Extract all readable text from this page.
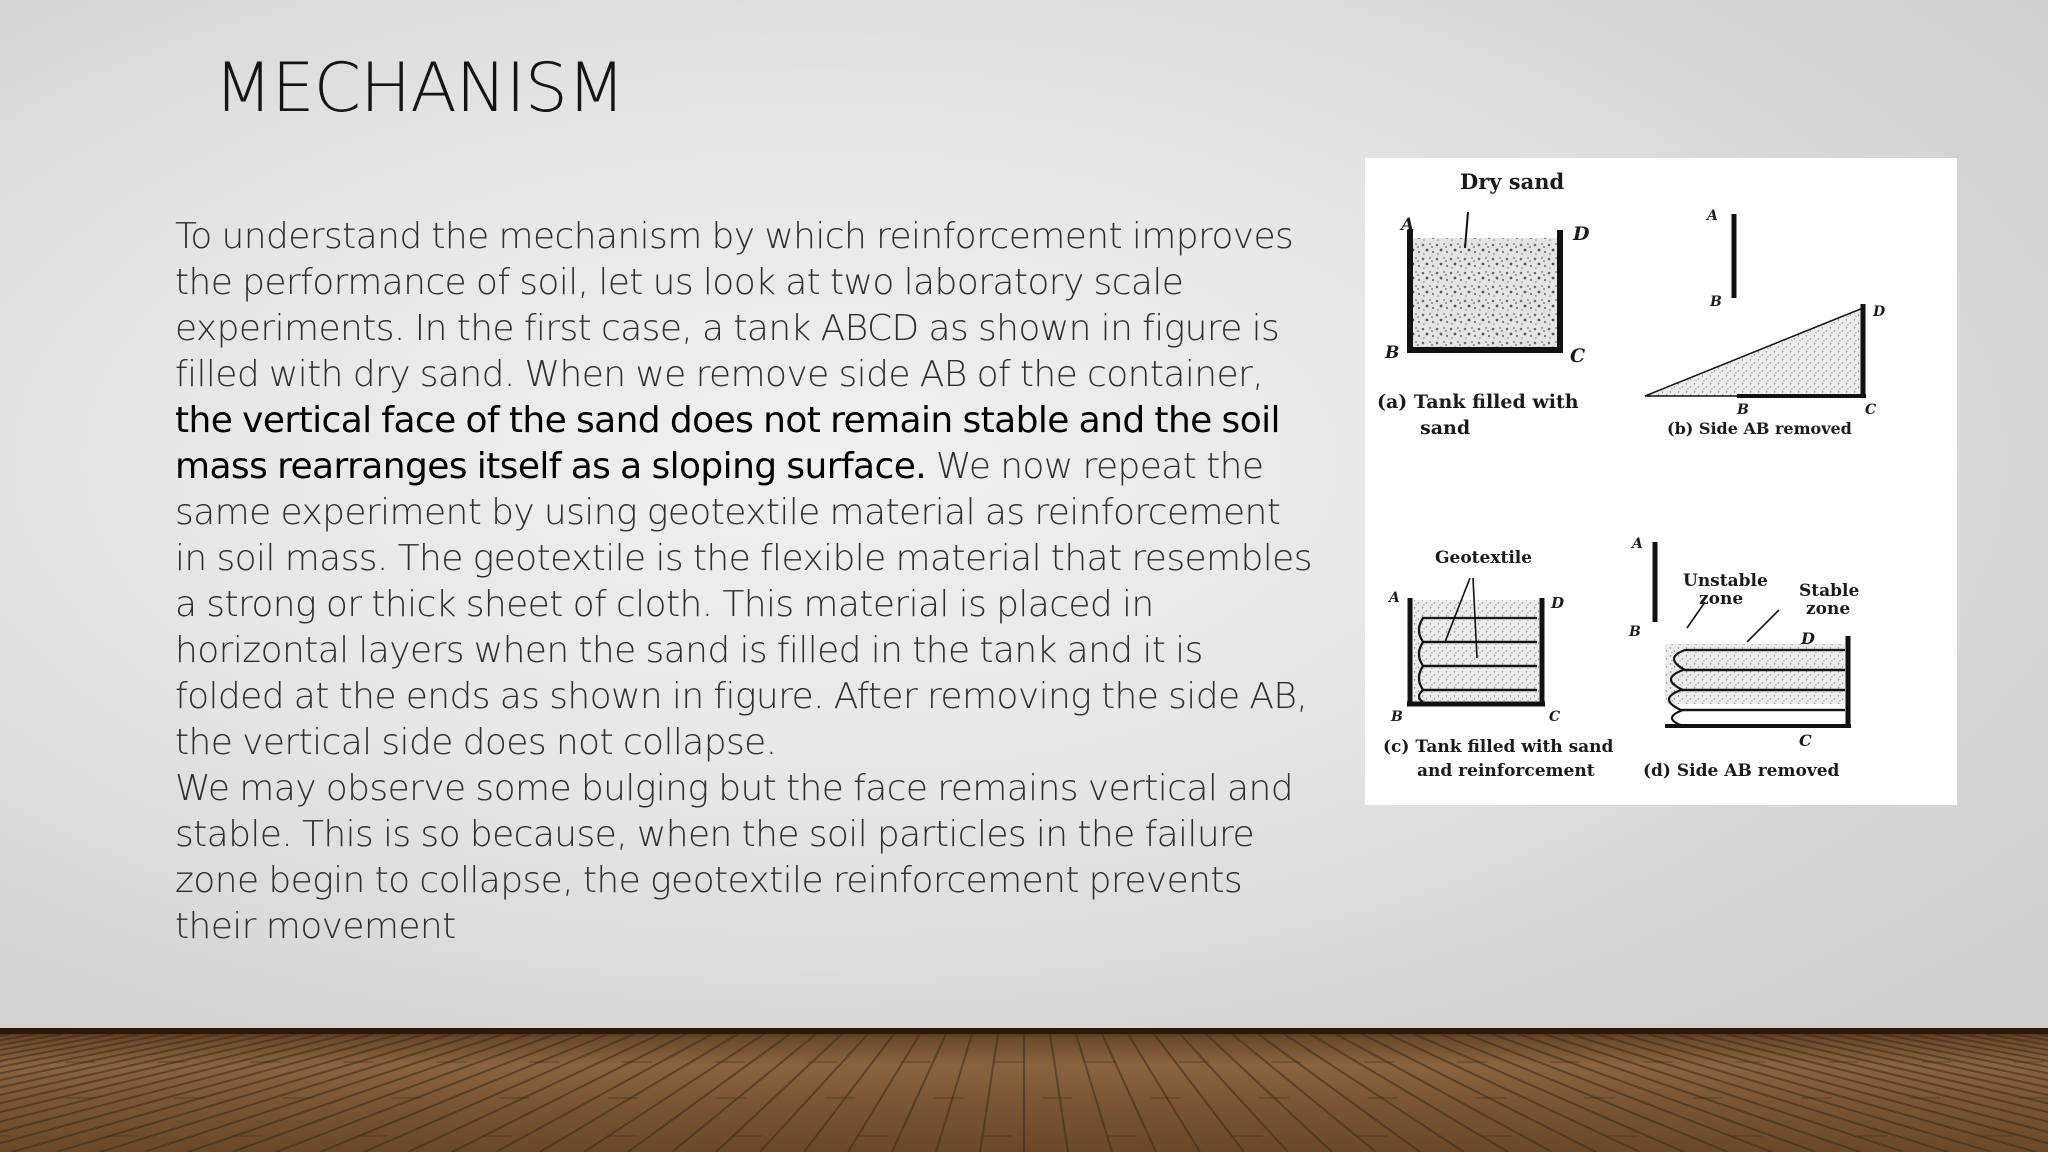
MECHANISM

To understand the mechanism by which reinforcement improves the performance of soil, let us look at two laboratory scale experiments. In the first case, a tank ABCD as shown in figure is filled with dry sand. When we remove side AB of the container, the vertical face of the sand does not remain stable and the soil mass rearranges itself as a sloping surface. We now repeat the same experiment by using geotextile material as reinforcement in soil mass. The geotextile is the flexible material that resembles a strong or thick sheet of cloth. This material is placed in horizontal layers when the sand is filled in the tank and it is folded at the ends as shown in figure. After removing the side AB, the vertical side does not collapse.

We may observe some bulging but the face remains vertical and stable. This is so because, when the soil particles in the failure zone begin to collapse, the geotextile reinforcement prevents their movement

Dry sand
A
B	C
D
(a) Tank filled with
sand
A
B
D
B	C
(b) Side AB removed
Geotextile
A	D
B	C
(c) Tank filled with sand
and reinforcement
A
B
Unstable
zone	Stable
zone
D
C
(d) Side AB removed
